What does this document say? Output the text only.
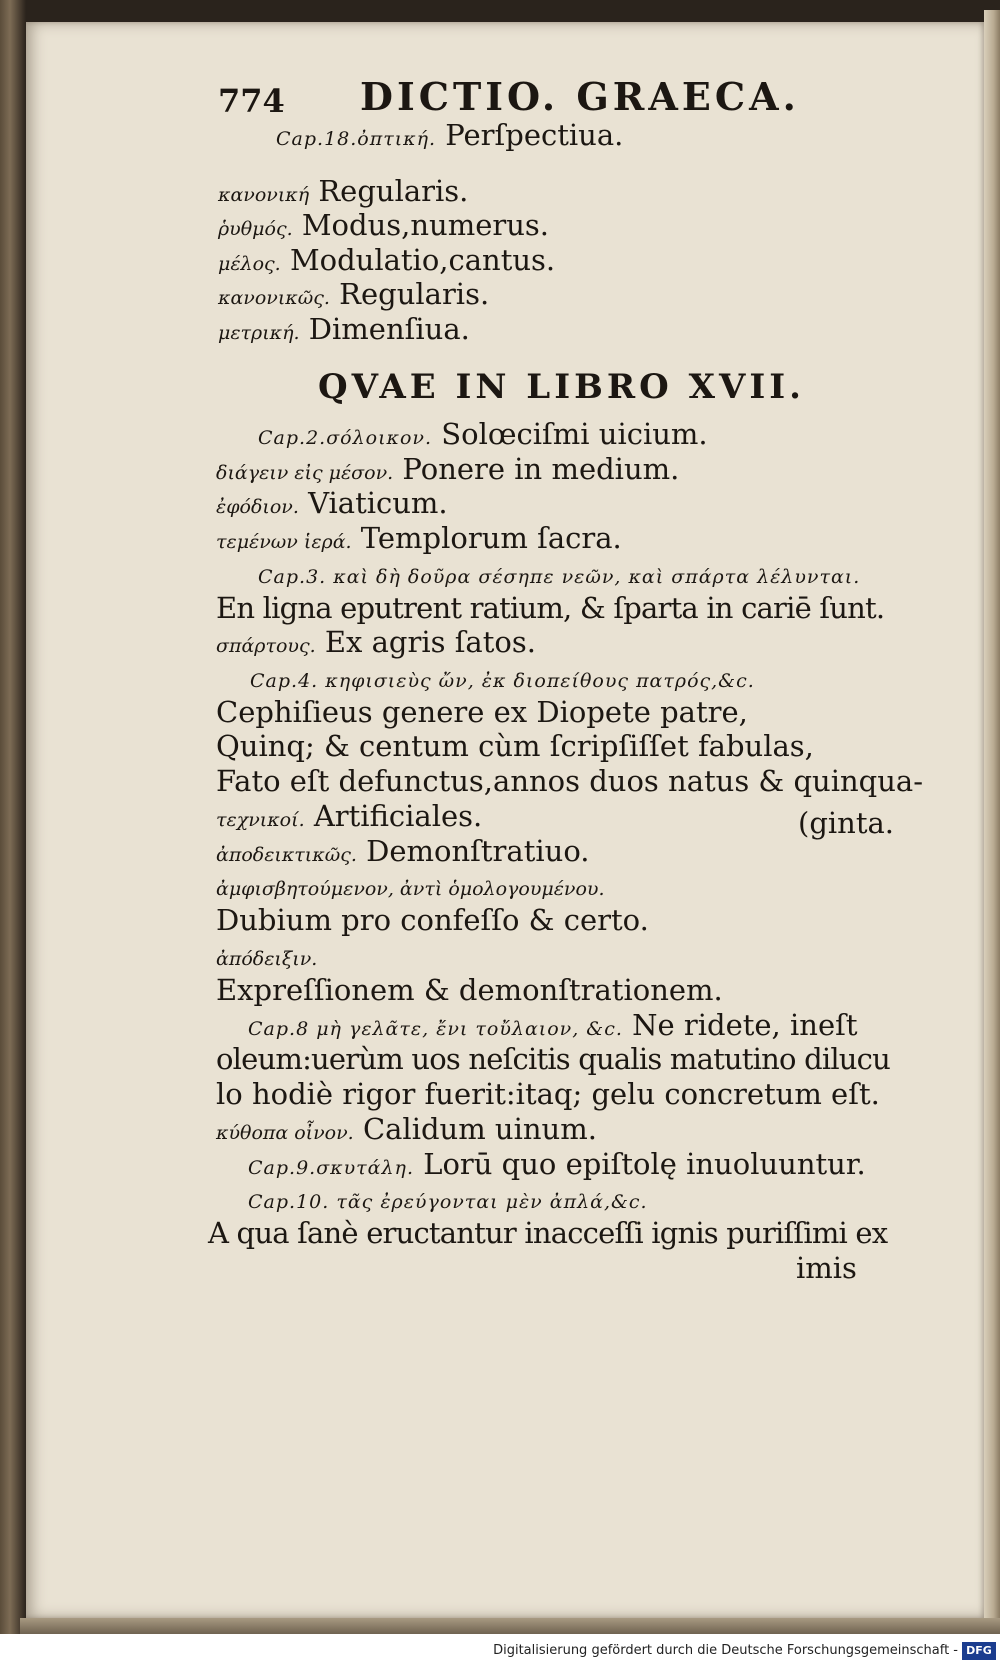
774 DICTIO. GRAECA.
Cap.18.ὀπτική. Perſpectiua.
κανονική Regularis.
ῥυθμός. Modus,numerus.
μέλος. Modulatio,cantus.
κανονικῶς. Regularis.
μετρική. Dimenſiua.
QVAE IN LIBRO XVII.
Cap.2.σόλοικον. Solœciſmi uicium.
διάγειν εἰς μέσον. Ponere in medium.
ἐφόδιον. Viaticum.
τεμένων ἱερά. Templorum ſacra.
Cap.3. καὶ δὴ δοῦρα σέσηπε νεῶν, καὶ σπάρτα λέλυνται.
En ligna eputrent ratium, & ſparta in cariē ſunt.
σπάρτους. Ex agris ſatos.
Cap.4. κηφισιεὺς ὤν, ἐκ διοπείθους πατρός,&c.
Cephiſieus genere ex Diopete patre,
Quinq; & centum cùm ſcripſiſſet fabulas,
Fato eſt defunctus,annos duos natus & quinqua-
τεχνικοί. Artificiales.	(ginta.
ἀποδεικτικῶς. Demonſtratiuo.
ἀμφισβητούμενον, ἀντὶ ὁμολογουμένου.
Dubium pro confeſſo & certo.
ἀπόδειξιν.
Expreſſionem & demonſtrationem.
Cap.8 μὴ γελᾶτε, ἔνι τοὔλαιον, &c. Ne ridete, ineſt
oleum:uerùm uos neſcitis qualis matutino dilucu
lo hodiè rigor fuerit:itaq; gelu concretum eſt.
κύθοπα οἶνον. Calidum uinum.
Cap.9.σκυτάλη. Lorū quo epiſtolę inuoluuntur.
Cap.10. τᾶς ἐρεύγονται μὲν ἀπλά,&c.
A qua ſanè eructantur inacceſſi ignis puriſſimi ex
imis
Digitalisierung gefördert durch die Deutsche Forschungsgemeinschaft - DFG
